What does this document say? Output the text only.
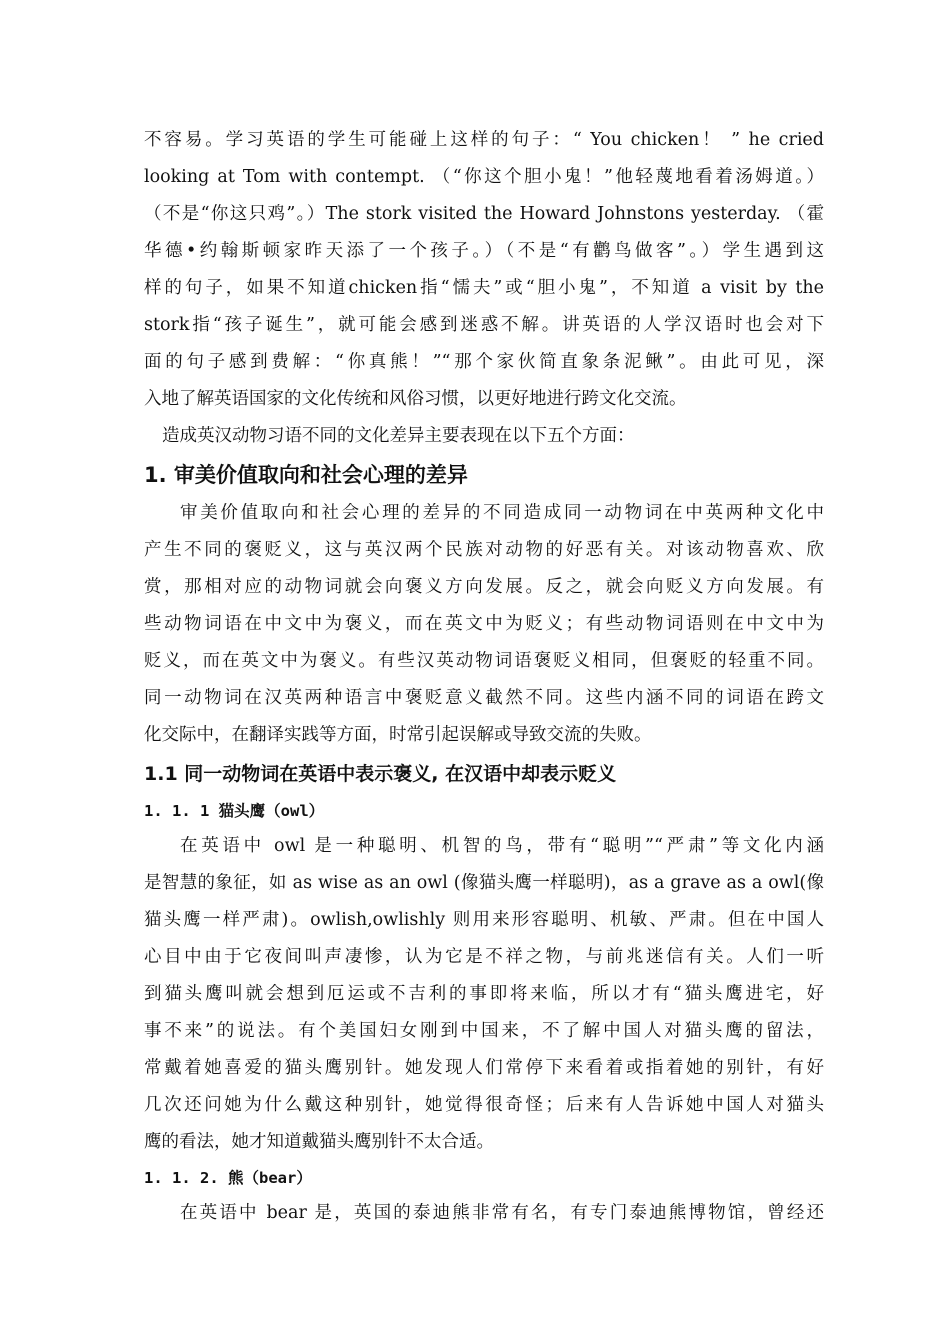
不容易。学习英语的学生可能碰上这样的句子：“ You chicken！ ” he cried
looking at Tom with contempt. （“你这个胆小鬼！”他轻蔑地看着汤姆道。）
（不是“你这只鸡”。）The stork visited the Howard Johnstons yesterday. （霍
华德•约翰斯顿家昨天添了一个孩子。）（不是“有鹳鸟做客”。）学生遇到这
样的句子，如果不知道chicken指“懦夫”或“胆小鬼”，不知道 a visit by the
stork指“孩子诞生”，就可能会感到迷惑不解。讲英语的人学汉语时也会对下
面的句子感到费解：“你真熊！”“那个家伙简直象条泥鳅”。由此可见，深
入地了解英语国家的文化传统和风俗习惯，以更好地进行跨文化交流。
造成英汉动物习语不同的文化差异主要表现在以下五个方面：
1. 审美价值取向和社会心理的差异
审美价值取向和社会心理的差异的不同造成同一动物词在中英两种文化中
产生不同的褒贬义，这与英汉两个民族对动物的好恶有关。对该动物喜欢、欣
赏，那相对应的动物词就会向褒义方向发展。反之，就会向贬义方向发展。有
些动物词语在中文中为褒义，而在英文中为贬义；有些动物词语则在中文中为
贬义，而在英文中为褒义。有些汉英动物词语褒贬义相同，但褒贬的轻重不同。
同一动物词在汉英两种语言中褒贬意义截然不同。这些内涵不同的词语在跨文
化交际中，在翻译实践等方面，时常引起误解或导致交流的失败。
1.1 同一动物词在英语中表示褒义, 在汉语中却表示贬义
1. 1. 1 猫头鹰（owl）
在英语中 owl 是一种聪明、机智的鸟，带有“聪明”“严肃”等文化内涵
是智慧的象征，如 as wise as an owl (像猫头鹰一样聪明)，as a grave as a owl(像
猫头鹰一样严肃)。owlish,owlishly 则用来形容聪明、机敏、严肃。但在中国人
心目中由于它夜间叫声凄惨，认为它是不祥之物，与前兆迷信有关。人们一听
到猫头鹰叫就会想到厄运或不吉利的事即将来临，所以才有“猫头鹰进宅，好
事不来”的说法。有个美国妇女刚到中国来，不了解中国人对猫头鹰的留法，
常戴着她喜爱的猫头鹰别针。她发现人们常停下来看着或指着她的别针，有好
几次还问她为什么戴这种别针，她觉得很奇怪；后来有人告诉她中国人对猫头
鹰的看法，她才知道戴猫头鹰别针不太合适。
1. 1. 2. 熊（bear）
在英语中 bear 是，英国的泰迪熊非常有名，有专门泰迪熊博物馆，曾经还
